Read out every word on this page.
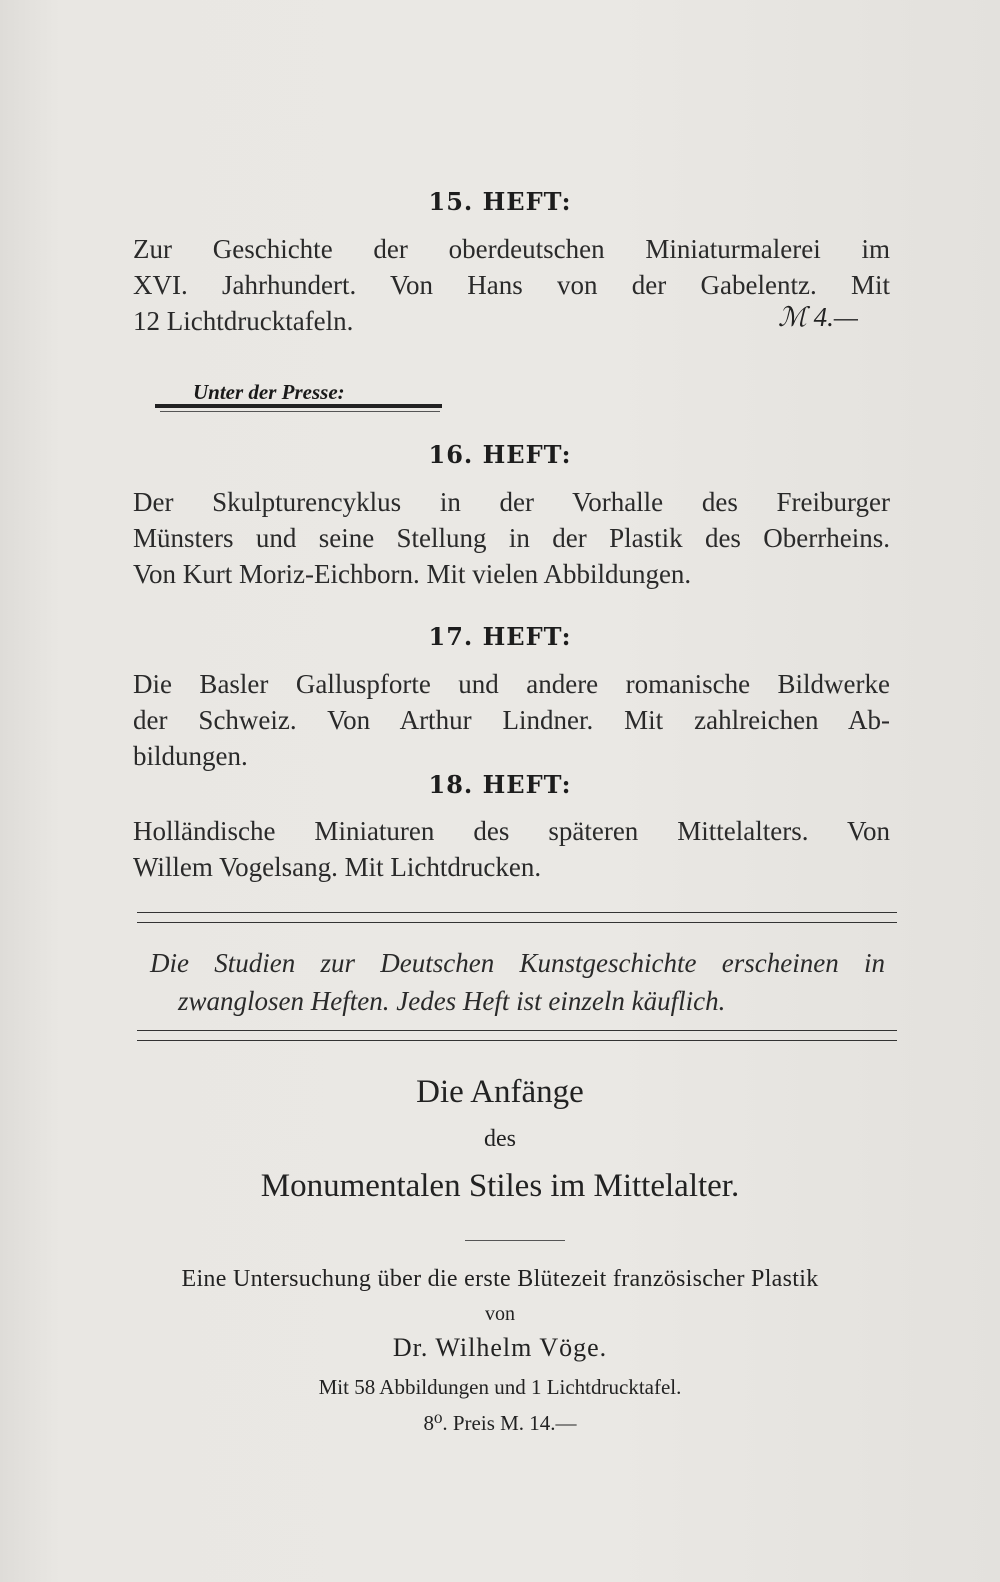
15. HEFT:
Zur Geschichte der oberdeutschen Miniaturmalerei im
XVI. Jahrhundert. Von Hans von der Gabelentz. Mit
12 Lichtdrucktafeln.	ℳ 4.—
Unter der Presse:
16. HEFT:
Der Skulpturencyklus in der Vorhalle des Freiburger
Münsters und seine Stellung in der Plastik des Oberrheins.
Von Kurt Moriz-Eichborn. Mit vielen Abbildungen.
17. HEFT:
Die Basler Galluspforte und andere romanische Bildwerke
der Schweiz. Von Arthur Lindner. Mit zahlreichen Ab-
bildungen.
18. HEFT:
Holländische Miniaturen des späteren Mittelalters. Von
Willem Vogelsang. Mit Lichtdrucken.
Die Studien zur Deutschen Kunstgeschichte erscheinen in
zwanglosen Heften. Jedes Heft ist einzeln käuflich.
Die Anfänge
des
Monumentalen Stiles im Mittelalter.
Eine Untersuchung über die erste Blütezeit französischer Plastik
von
Dr. Wilhelm Vöge.
Mit 58 Abbildungen und 1 Lichtdrucktafel.
8⁰. Preis M. 14.—
